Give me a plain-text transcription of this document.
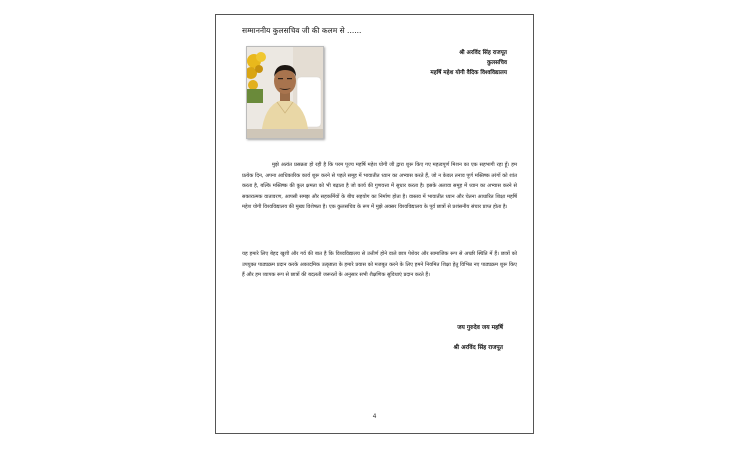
सम्माननीय कुलसचिव जी की कलम से ......
श्री अरविंद सिंह राजपूत
कुलसचिव
महर्षि महेश योगी वैदिक विश्वविद्यालय

मुझे अत्यंत प्रसन्नता हो रही है कि परम पूज्य महर्षि महेश योगी जी द्वारा शुरू किए गए महत्वपूर्ण मिशन का एक सहभागी रहा हूँ। हम प्रत्येक दिन, अपना आधिकारिक कार्य शुरू करने से पहले समूह में भावातीत ध्यान का अभ्यास करते हैं, जो न केवल तनाव पूर्ण मस्तिष्क तरंगों को शांत करता है, बल्कि मस्तिष्क की कुल क्षमता को भी बढ़ाता है जो कार्य की गुणवत्ता में सुधार करता है। इसके अलावा समूह में ध्यान का अभ्यास करने से सकारात्मक वातावरण, आपसी समझ और सहकर्मियों के बीच सहयोग का निर्माण होता है। वास्तव में भावातीत ध्यान और चेतना आधारित शिक्षा महर्षि महेश योगी विश्वविद्यालय की मुख्य विशेषता है। एक कुलसचिव के रूप में मुझे अक्सर विश्वविद्यालय के पूर्व छात्रों से प्रशंसनीय संचार प्राप्त होता है।

यह हमारे लिए बेहद खुशी और गर्व की बात है कि विश्वविद्यालय से उत्तीर्ण होने वाले छात्र पेशेवर और सामाजिक रूप से अच्छी स्थिति में हैं। छात्रों को उपयुक्त पाठ्यक्रम प्रदान करके अकादमिक उत्कृष्टता के हमारे प्रयास को मजबूत करने के लिए हमने नियमित शिक्षा हेतु विभिन्न नए पाठ्यक्रम शुरू किए हैं और हम व्यापक रूप से छात्रों की बदलती जरूरतों के अनुसार सभी शैक्षणिक सुविधाएं प्रदान करते हैं।

जय गुरुदेव जय महर्षि
श्री अरविंद सिंह राजपूत
4
